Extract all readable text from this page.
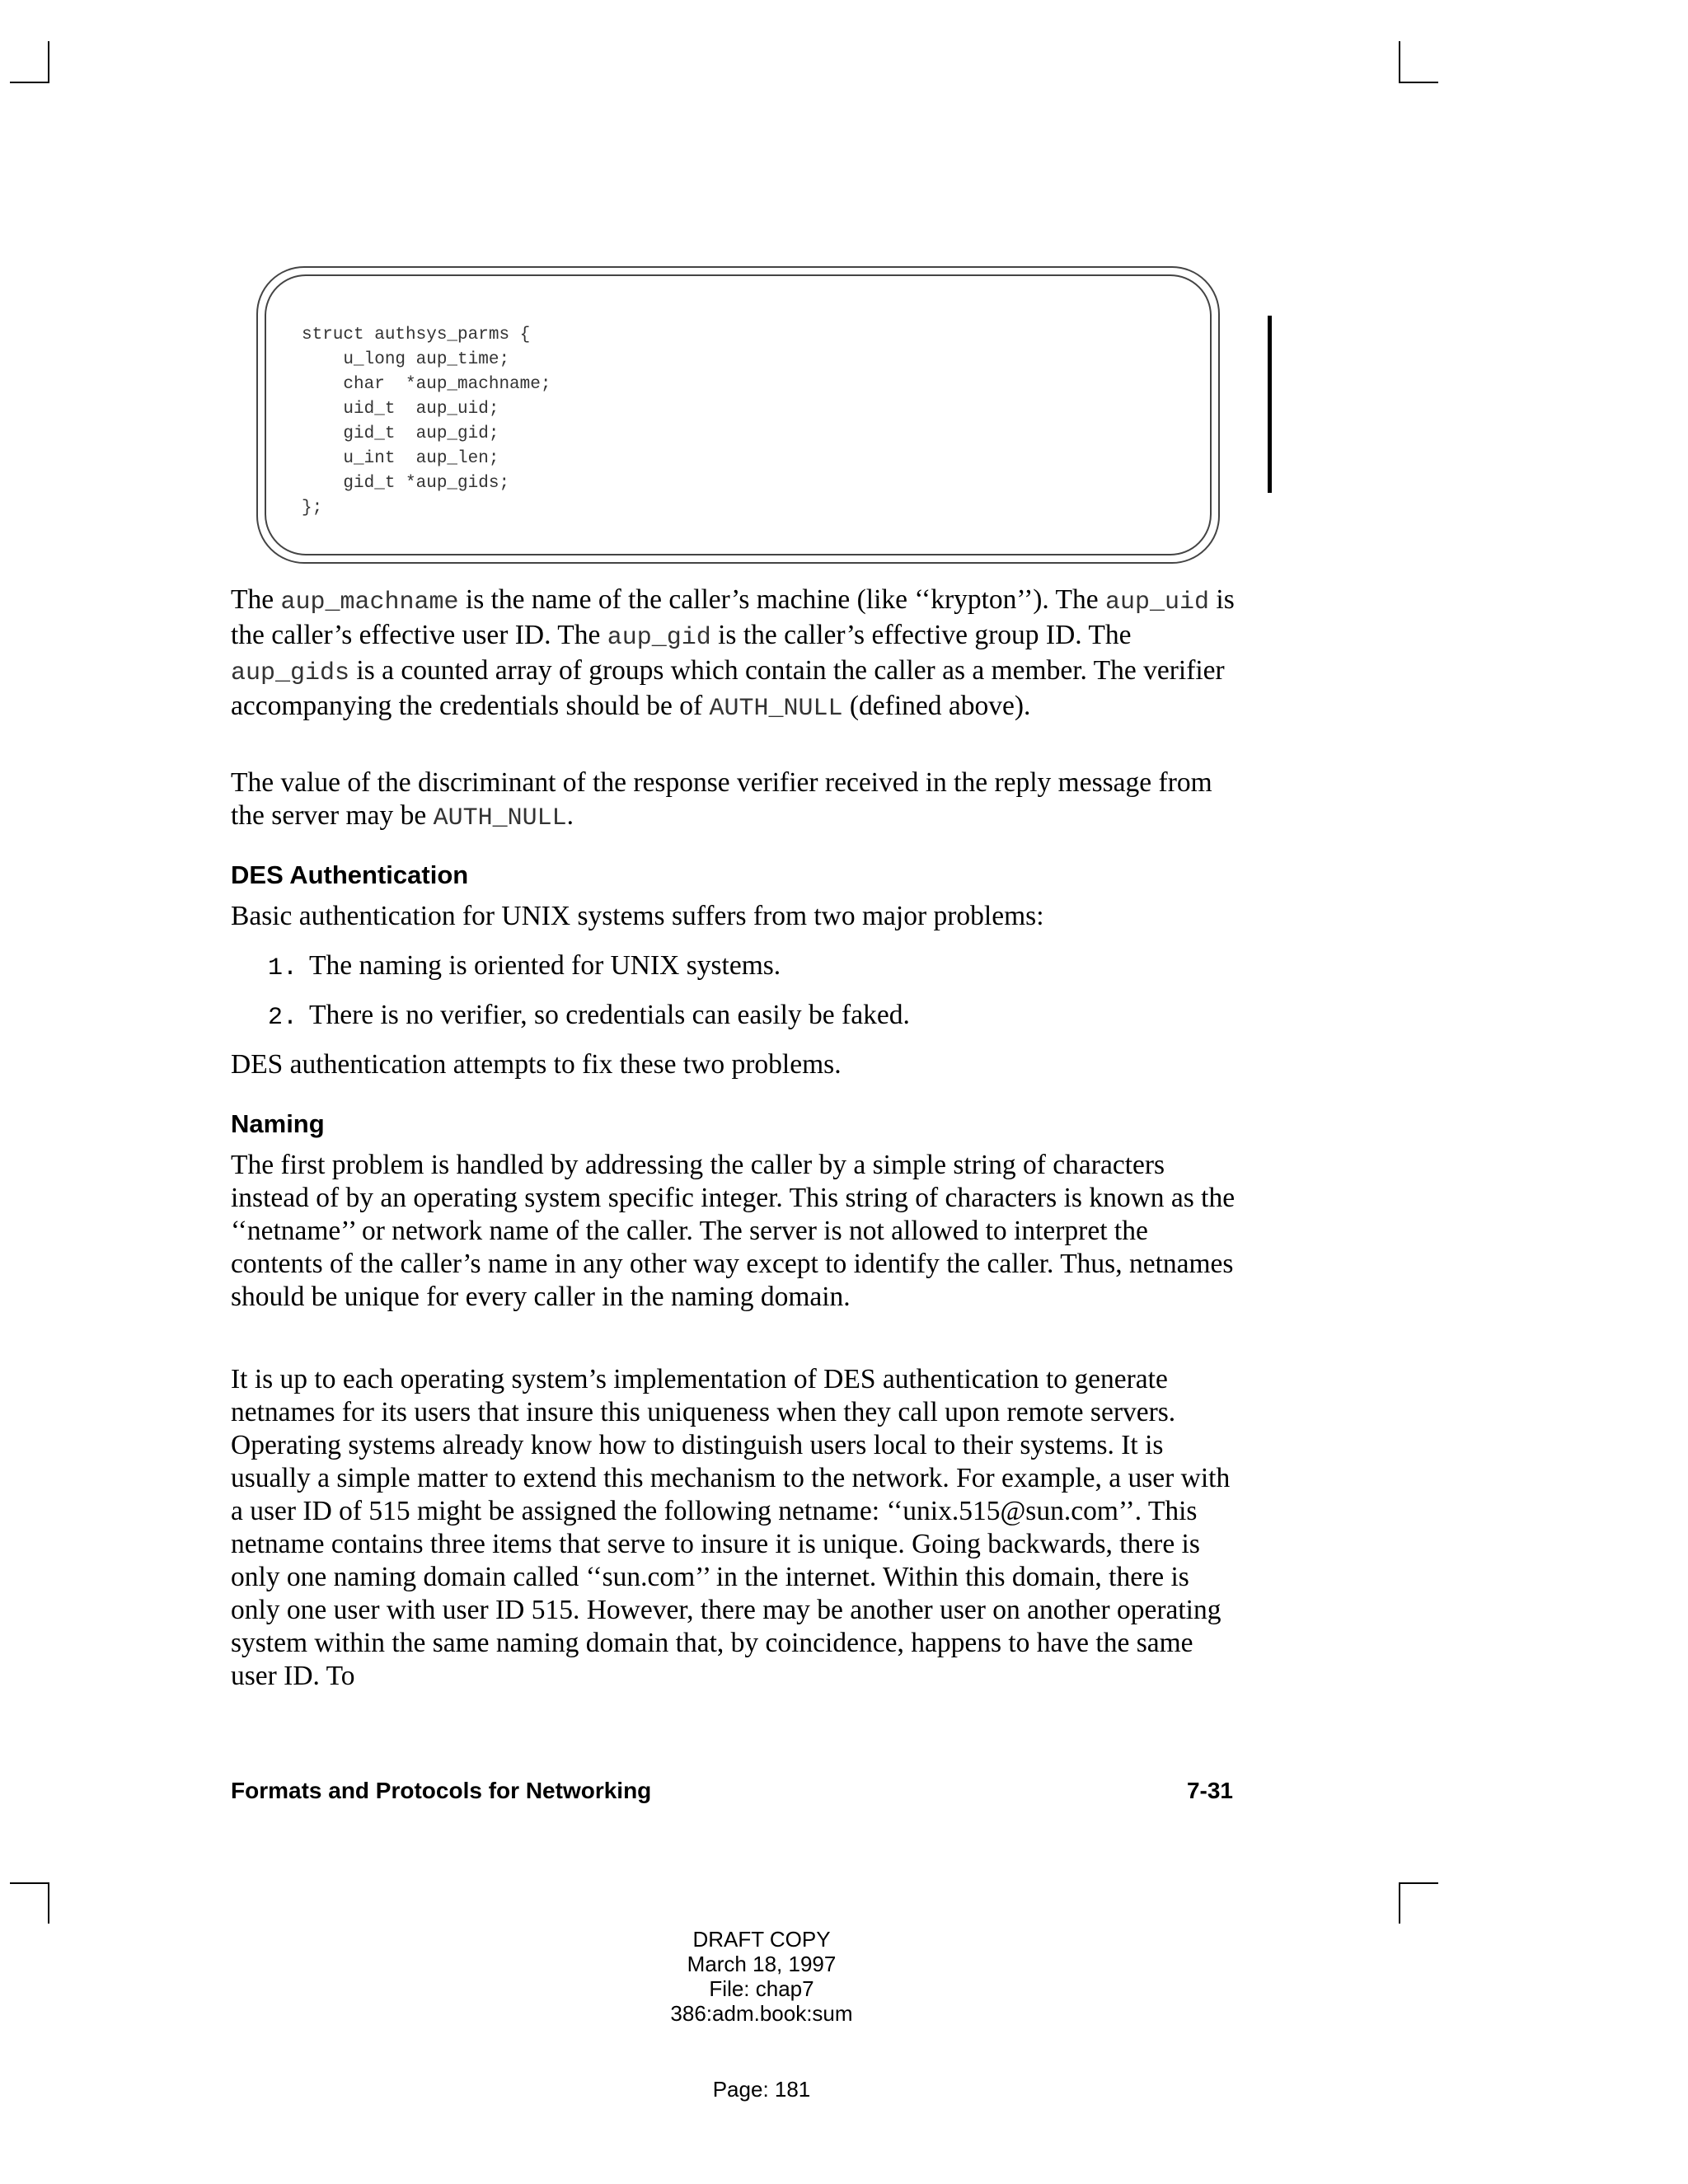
struct authsys_parms {
u_long aup_time;
char  *aup_machname;
uid_t  aup_uid;
gid_t  aup_gid;
u_int  aup_len;
gid_t *aup_gids;
};

The aup_machname is the name of the caller’s machine (like ‘‘krypton’’). The aup_uid is the caller’s effective user ID. The aup_gid is the caller’s effective group ID. The aup_gids is a counted array of groups which contain the caller as a member. The verifier accompanying the credentials should be of AUTH_NULL (defined above).

The value of the discriminant of the response verifier received in the reply message from the server may be AUTH_NULL.

DES Authentication

Basic authentication for UNIX systems suffers from two major problems:

1. The naming is oriented for UNIX systems.

2. There is no verifier, so credentials can easily be faked.

DES authentication attempts to fix these two problems.

Naming

The first problem is handled by addressing the caller by a simple string of characters instead of by an operating system specific integer. This string of characters is known as the ‘‘netname’’ or network name of the caller. The server is not allowed to interpret the contents of the caller’s name in any other way except to identify the caller. Thus, netnames should be unique for every caller in the naming domain.

It is up to each operating system’s implementation of DES authentication to generate netnames for its users that insure this uniqueness when they call upon remote servers. Operating systems already know how to distinguish users local to their systems. It is usually a simple matter to extend this mechanism to the network. For example, a user with a user ID of 515 might be assigned the following netname: ‘‘unix.515@sun.com’’. This netname contains three items that serve to insure it is unique. Going backwards, there is only one naming domain called ‘‘sun.com’’ in the internet. Within this domain, there is only one user with user ID 515. However, there may be another user on another operating system within the same naming domain that, by coincidence, happens to have the same user ID. To

Formats and Protocols for Networking	7-31
DRAFT COPY
March 18, 1997
File: chap7
386:adm.book:sum
Page: 181
